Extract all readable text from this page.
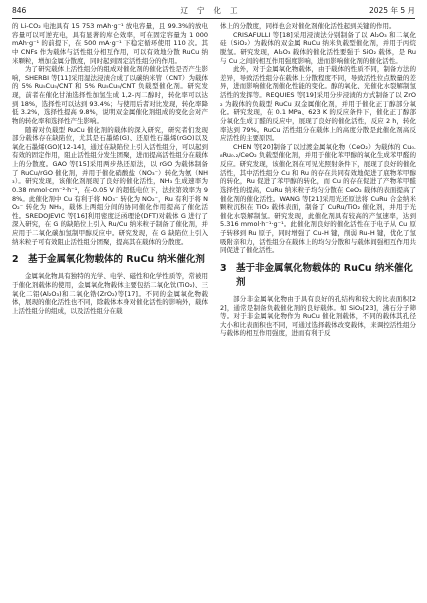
846	辽宁化工	2025 年 5 月

的 Li-CO₂ 电池具有 15 753 mAh·g⁻¹ 放电容量，且 99.3%的放电容量可以可逆充电，具有显著的库仑效率，可在固定容量为 1 000 mAh·g⁻¹ 的前提下，在 500 mA·g⁻¹ 下稳定循环使用 110 次。其中 CNFs 作为载体与活性组分相互作用，可以有效地分散 RuCu 纳米颗粒，增加金属分散度，同时起到固定活性组分的作用。

为了研究载体上活性组分的组成对催化剂的催化活性是否产生影响，SHERBI 等[11]采用湿法浸渍合成了以碳纳米管（CNT）为载体的 5% Ru₅Cu₅/CNT 和 5% Ru₅Cu₅/CNT 负载型催化剂。研究发现，前者在催化甘油选择性加氢生成 1,2-丙二醇时，转化率可以达到 18%，选择性可以达到 93.4%；与使用后者对比发现，转化率降低 3.2%，选择性提高 9.8%，说明双金属催化剂组成的变化会对产物的转化率和选择性产生影响。

随着对负载型 RuCu 催化剂的载体的深入研究，研究者们发现部分载体存在缺陷位，尤其是石墨烯(G)、还原性石墨烯(rGO)以及氧化石墨烯(GO)[12-14]，通过在缺陷位上引入活性组分，可以起到有效的固定作用，阻止活性组分发生团聚，进而提高活性组分在载体上的分散度。GAO 等[15]采用两步热还原法，以 rGO 为载体制备了 RuCu/rGO 催化剂，并用于催化硝酸盐（NO₃⁻）转化为氨（NH₃）。研究发现，该催化剂展现了良好的催化活性，NH₃ 生成速率为 0.38 mmol·cm⁻²·h⁻¹，在-0.05 V 的超低电位下，法拉第效率为 98%。此催化剂中 Cu 有利于将 NO₃⁻ 转化为 NO₂⁻，Ru 有利于将 NO₂⁻ 转化为 NH₃，载体上两组分间的协同催化作用提高了催化活性。SREDOJEVIC 等[16]利用密度泛函理论(DFT)对载体 G 进行了深入研究，在 G 的缺陷位上引入 Ru/Cu 纳米粒子制备了催化剂，并应用于二氧化碳加氢制甲醇反应中。研究发现，在 G 缺陷位上引入纳米粒子可有效阻止活性组分团聚，提高其在载体的分散度。

2 基于金属氧化物载体的 RuCu 纳米催化剂

金属氧化物具有独特的光学、电学、磁性和化学性质等，常被用于催化剂载体的使用，金属氧化物载体主要包括二氧化钛(TiO₂)、三氧化二铝(Al₂O₃)和二氧化锆(ZrO₂)等[17]。不同的金属氧化物载体，展现的催化活性也不同，除载体本身对催化活性的影响外，载体上活性组分的组成，以及活性组分在载

体上的分散度，同样也会对催化剂催化活性起到关键的作用。

CRISAFULLI 等[18]采用浸渍法分别制备了以 Al₂O₃ 和二氧化硅（SiO₂）为载体的双金属 RuCu 纳米负载型催化剂，并用于丙烷脱氢。研究发现，Al₂O₃ 载体的催化活性要强于 SiO₂ 载体，是 Ru 与 Cu 之间的相互作用强度影响，进而影响催化剂的催化活性。

此外，对于金属氧化物载体，由于载体的性质不同，制备方法的差异，导致活性组分在载体上分散程度不同，导致活性位点数量的差异，进而影响催化剂催化性能的变化。醇的氧化、光催化水裂解制氢活性的发挥等。REQUIES 等[19]采用分步浸渍的方式制备了以 ZrO₂ 为载体的负载型 RuCu 双金属催化剂，并用于催化正丁醇部分氧化。研究发现，在 0.1 MPa、623 K 的反应条件下，催化正丁醇部分氧化生成丁醛的反应中，展现了良好的催化活性，反应 2 h，转化率达到 79%。RuCu 活性组分在载体上的高度分散是此催化剂高反应活性的主要原因。

CHEN 等[20]制备了以过渡金属氧化物（CeO₂）为载体的 Cu₀.₈Ru₀.₂/CeO₂ 负载型催化剂，并用于催化苯甲醇的氧化生成苯甲醛的反应。研究发现，该催化剂在可见光照射条件下，展现了良好的催化活性，其中活性组分 Cu 和 Ru 的存在共同有效地促进了底物苯甲醇的转化，Ru 促进了苯甲醇的转化，而 Cu 的存在促进了产物苯甲醛选择性的提高，CuRu 纳米粒子均匀分散在 CeO₂ 载体的表面提高了催化剂的催化活性。WANG 等[21]采用光还原法将 CuRu 合金纳米颗粒沉积在 TiO₂ 载体表面，制备了 CuRu/TiO₂ 催化剂，并用于光催化水裂解制氢。研究发现，此催化剂具有较高的产氢速率，达到 5.316 mmol·h⁻¹·g⁻¹。此催化剂良好的催化活性在于电子从 Cu 原子转移到 Ru 原子，同时增强了 Cu-H 键，削弱 Ru-H 键，优化了氢吸附亲和力，活性组分在载体上的均匀分散和与载体间强相互作用共同促进了催化活性。

3 基于非金属氧化物载体的 RuCu 纳米催化剂

部分非金属氧化物由于具有良好的孔结构和较大的比表面积[22]，通常是制备负载催化剂的良好载体。如 SiO₂[23]，沸石分子筛等。对于非金属氧化物作为 RuCu 催化剂载体，不同的载体其孔径大小和比表面积也不同，可通过选择载体改变载体，来调控活性组分与载体的相互作用强度，进而有利于反
